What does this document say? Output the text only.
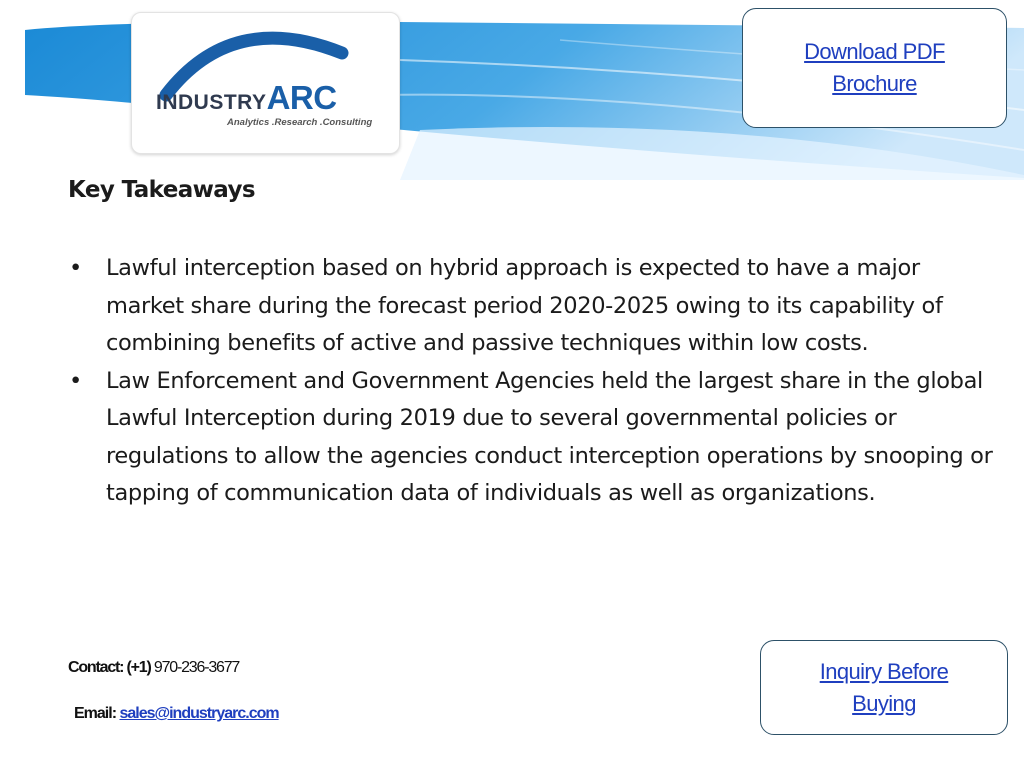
INDUSTRYARC
Analytics .Research .Consulting
Download PDF
Brochure
Key Takeaways
• Lawful interception based on hybrid approach is expected to have a major market share during the forecast period 2020-2025 owing to its capability of combining benefits of active and passive techniques within low costs.
• Law Enforcement and Government Agencies held the largest share in the global Lawful Interception during 2019 due to several governmental policies or regulations to allow the agencies conduct interception operations by snooping or tapping of communication data of individuals as well as organizations.
Contact: (+1) 970-236-3677
Email: sales@industryarc.com
Inquiry Before
Buying
